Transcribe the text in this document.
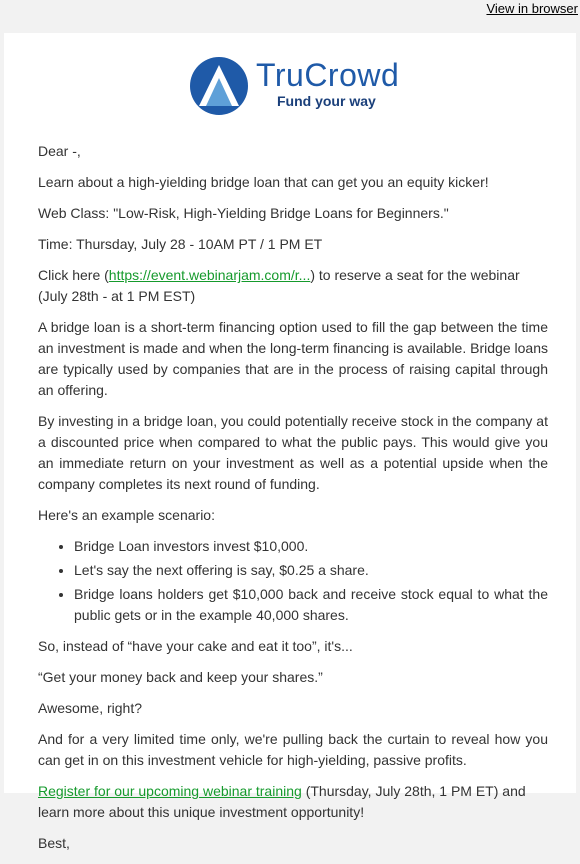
View in browser
TruCrowd
Fund your way

Dear -,

Learn about a high-yielding bridge loan that can get you an equity kicker!

Web Class: "Low-Risk, High-Yielding Bridge Loans for Beginners."

Time: Thursday, July 28 - 10AM PT / 1 PM ET

Click here (https://event.webinarjam.com/r...) to reserve a seat for the webinar (July 28th - at 1 PM EST)

A bridge loan is a short-term financing option used to fill the gap between the time an investment is made and when the long-term financing is available. Bridge loans are typically used by companies that are in the process of raising capital through an offering.

By investing in a bridge loan, you could potentially receive stock in the company at a discounted price when compared to what the public pays. This would give you an immediate return on your investment as well as a potential upside when the company completes its next round of funding.

Here's an example scenario:

• Bridge Loan investors invest $10,000.
• Let's say the next offering is say, $0.25 a share.
• Bridge loans holders get $10,000 back and receive stock equal to what the public gets or in the example 40,000 shares.

So, instead of “have your cake and eat it too”, it's...

“Get your money back and keep your shares.”

Awesome, right?

And for a very limited time only, we're pulling back the curtain to reveal how you can get in on this investment vehicle for high-yielding, passive profits.

Register for our upcoming webinar training (Thursday, July 28th, 1 PM ET) and learn more about this unique investment opportunity!

Best,
